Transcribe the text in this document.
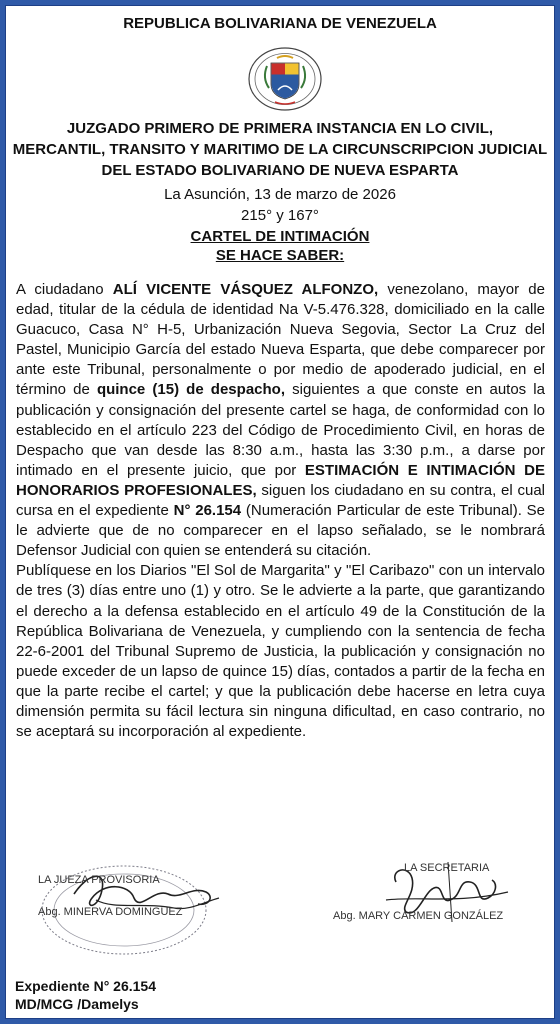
REPUBLICA BOLIVARIANA DE VENEZUELA
JUZGADO PRIMERO DE PRIMERA INSTANCIA EN LO CIVIL,
MERCANTIL, TRANSITO Y MARITIMO DE LA CIRCUNSCRIPCION JUDICIAL
DEL ESTADO BOLIVARIANO DE NUEVA ESPARTA
La Asunción, 13 de marzo de 2026
215° y 167°
CARTEL DE INTIMACIÓN
SE HACE SABER:

A ciudadano ALÍ VICENTE VÁSQUEZ ALFONZO, venezolano, mayor de edad, titular de la cédula de identidad Na V-5.476.328, domiciliado en la calle Guacuco, Casa N° H-5, Urbanización Nueva Segovia, Sector La Cruz del Pastel, Municipio García del estado Nueva Esparta, que debe comparecer por ante este Tribunal, personalmente o por medio de apoderado judicial, en el término de quince (15) de despacho, siguientes a que conste en autos la publicación y consignación del presente cartel se haga, de conformidad con lo establecido en el artículo 223 del Código de Procedimiento Civil, en horas de Despacho que van desde las 8:30 a.m., hasta las 3:30 p.m., a darse por intimado en el presente juicio, que por ESTIMACIÓN E INTIMACIÓN DE HONORARIOS PROFESIONALES, siguen los ciudadano en su contra, el cual cursa en el expediente N° 26.154 (Numeración Particular de este Tribunal). Se le advierte que de no comparecer en el lapso señalado, se le nombrará Defensor Judicial con quien se entenderá su citación.

Publíquese en los Diarios "El Sol de Margarita" y "El Caribazo" con un intervalo de tres (3) días entre uno (1) y otro. Se le advierte a la parte, que garantizando el derecho a la defensa establecido en el artículo 49 de la Constitución de la República Bolivariana de Venezuela, y cumpliendo con la sentencia de fecha 22-6-2001 del Tribunal Supremo de Justicia, la publicación y consignación no puede exceder de un lapso de quince 15) días, contados a partir de la fecha en que la parte recibe el cartel; y que la publicación debe hacerse en letra cuya dimensión permita su fácil lectura sin ninguna dificultad, en caso contrario, no se aceptará su incorporación al expediente.

LA JUEZA PROVISORIA
Abg. MINERVA DOMINGUEZ
LA SECRETARIA
Abg. MARY CARMEN GONZÁLEZ
Expediente N° 26.154
MD/MCG /Damelys
